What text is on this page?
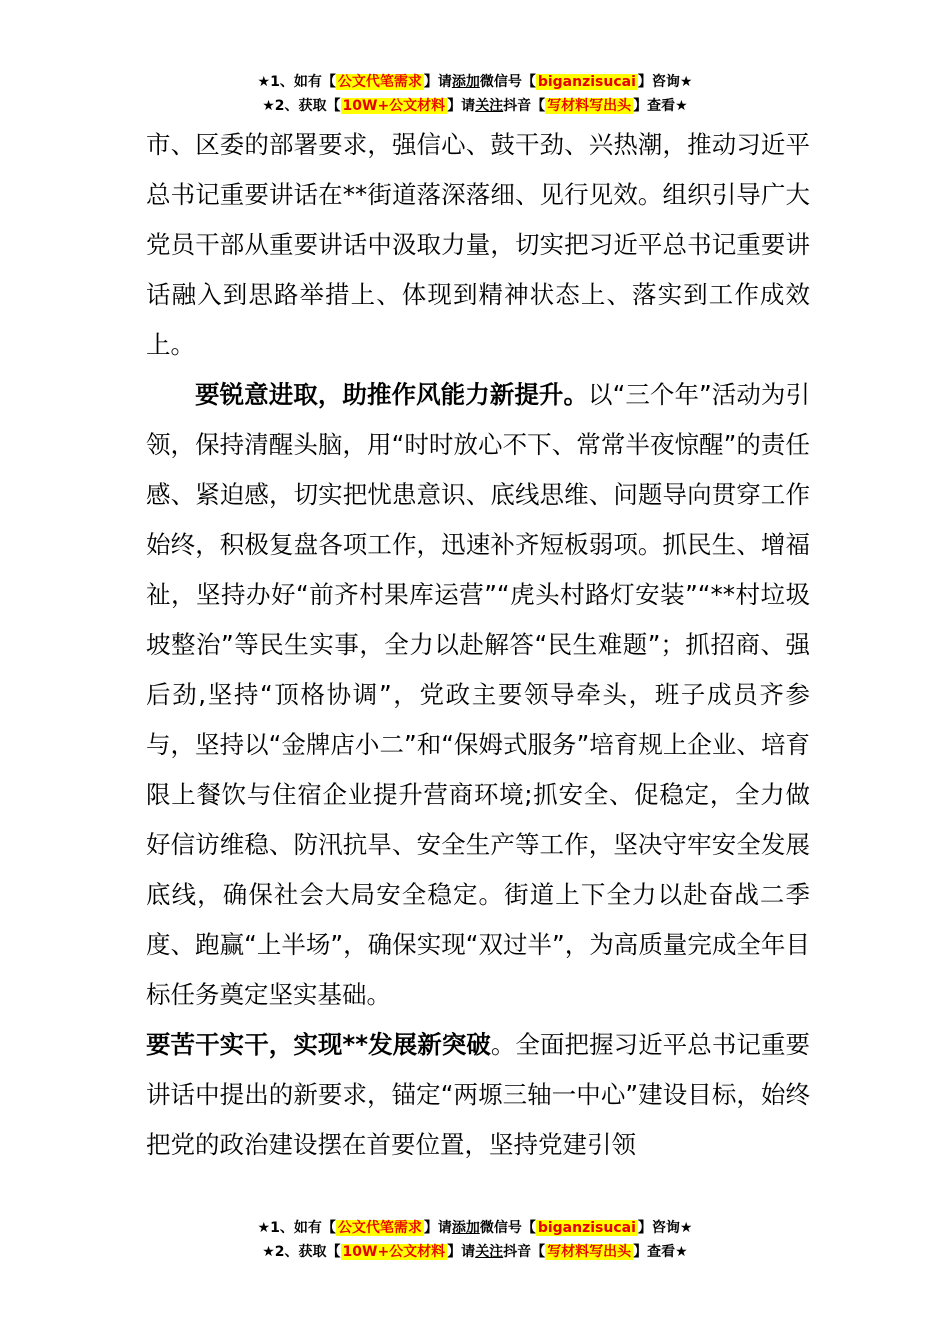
★1、如有【 公文代笔需求 】请添加微信号【 biganzisucai 】咨询★
★2、获取【 10W+公文材料 】请关注抖音【 写材料写出头 】查看★

市、区委的部署要求，强信心、鼓干劲、兴热潮，推动习近平总书记重要讲话在**街道落深落细、见行见效。组织引导广大党员干部从重要讲话中汲取力量，切实把习近平总书记重要讲话融入到思路举措上、体现到精神状态上、落实到工作成效上。

要锐意进取，助推作风能力新提升。以“三个年”活动为引领，保持清醒头脑，用“时时放心不下、常常半夜惊醒”的责任感、紧迫感，切实把忧患意识、底线思维、问题导向贯穿工作始终，积极复盘各项工作，迅速补齐短板弱项。抓民生、增福祉，坚持办好“前齐村果库运营”“虎头村路灯安装”“**村垃圾坡整治”等民生实事，全力以赴解答“民生难题”；抓招商、强后劲,坚持“顶格协调”，党政主要领导牵头，班子成员齐参与，坚持以“金牌店小二”和“保姆式服务”培育规上企业、培育限上餐饮与住宿企业提升营商环境;抓安全、促稳定，全力做好信访维稳、防汛抗旱、安全生产等工作，坚决守牢安全发展底线，确保社会大局安全稳定。街道上下全力以赴奋战二季度、跑赢“上半场”，确保实现“双过半”，为高质量完成全年目标任务奠定坚实基础。

要苦干实干，实现**发展新突破。全面把握习近平总书记重要讲话中提出的新要求，锚定“两塬三轴一中心”建设目标，始终把党的政治建设摆在首要位置，坚持党建引领

★1、如有【 公文代笔需求 】请添加微信号【 biganzisucai 】咨询★
★2、获取【 10W+公文材料 】请关注抖音【 写材料写出头 】查看★
